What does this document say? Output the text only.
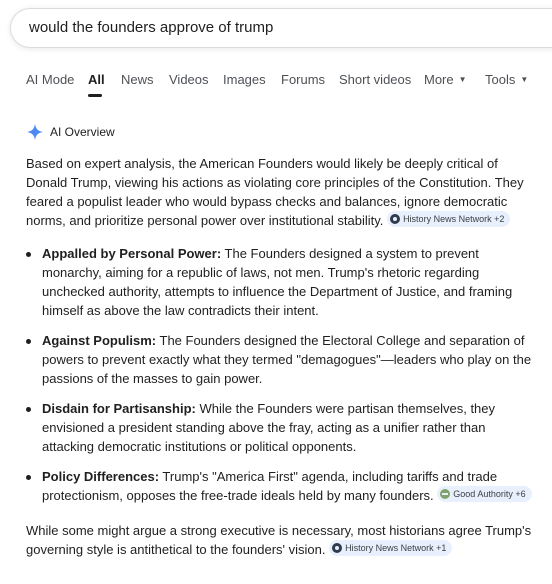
would the founders approve of trump
AI Mode All News Videos Images Forums Short videos More ▼ Tools ▼
AI Overview

Based on expert analysis, the American Founders would likely be deeply critical of Donald Trump, viewing his actions as violating core principles of the Constitution. They feared a populist leader who would bypass checks and balances, ignore democratic norms, and prioritize personal power over institutional stability. History News Network +2

Appalled by Personal Power: The Founders designed a system to prevent monarchy, aiming for a republic of laws, not men. Trump's rhetoric regarding unchecked authority, attempts to influence the Department of Justice, and framing himself as above the law contradicts their intent.
Against Populism: The Founders designed the Electoral College and separation of powers to prevent exactly what they termed "demagogues"—leaders who play on the passions of the masses to gain power.
Disdain for Partisanship: While the Founders were partisan themselves, they envisioned a president standing above the fray, acting as a unifier rather than attacking democratic institutions or political opponents.
Policy Differences: Trump's "America First" agenda, including tariffs and trade protectionism, opposes the free-trade ideals held by many founders. Good Authority +6

While some might argue a strong executive is necessary, most historians agree Trump's governing style is antithetical to the founders' vision. History News Network +1
